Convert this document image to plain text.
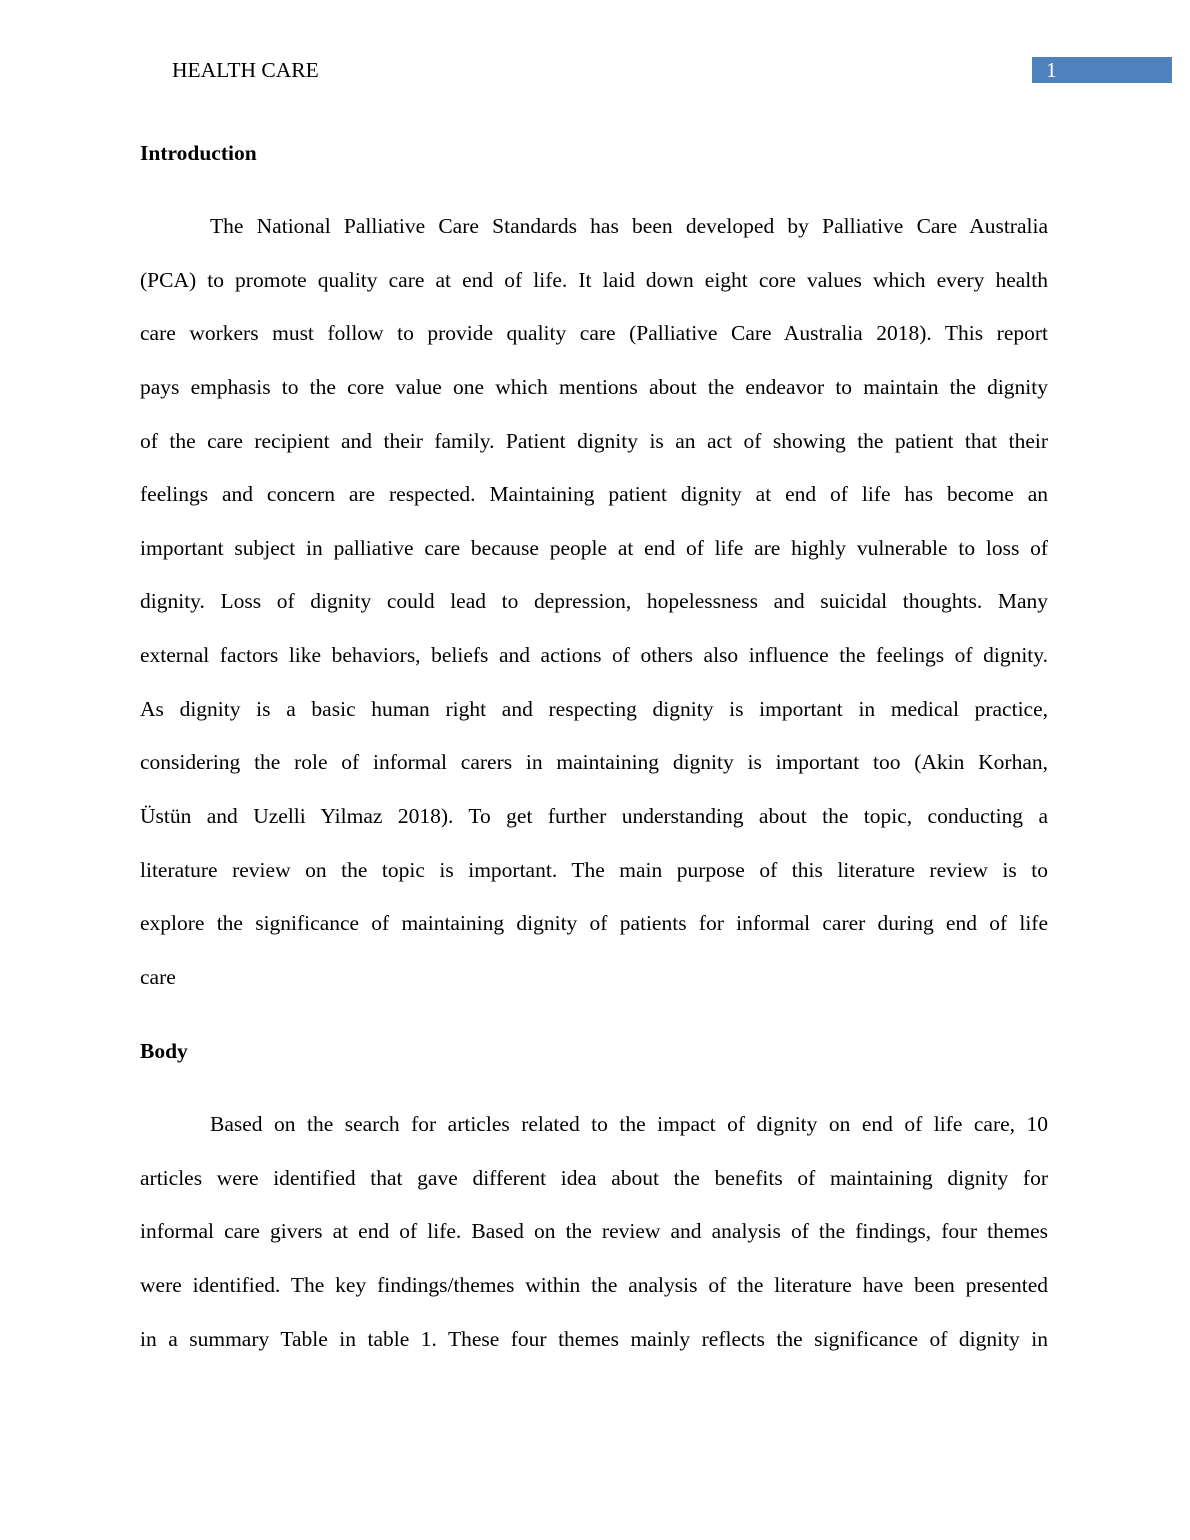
HEALTH CARE	1
Introduction
The National Palliative Care Standards has been developed by Palliative Care Australia
(PCA) to promote quality care at end of life. It laid down eight core values which every health
care workers must follow to provide quality care (Palliative Care Australia 2018). This report
pays emphasis to the core value one which mentions about the endeavor to maintain the dignity
of the care recipient and their family. Patient dignity is an act of showing the patient that their
feelings and concern are respected. Maintaining patient dignity at end of life has become an
important subject in palliative care because people at end of life are highly vulnerable to loss of
dignity. Loss of dignity could lead to depression, hopelessness and suicidal thoughts. Many
external factors like behaviors, beliefs and actions of others also influence the feelings of dignity.
As dignity is a basic human right and respecting dignity is important in medical practice,
considering the role of informal carers in maintaining dignity is important too (Akin Korhan,
Üstün and Uzelli Yilmaz 2018). To get further understanding about the topic, conducting a
literature review on the topic is important. The main purpose of this literature review is to
explore the significance of maintaining dignity of patients for informal carer during end of life
care
Body
Based on the search for articles related to the impact of dignity on end of life care, 10
articles were identified that gave different idea about the benefits of maintaining dignity for
informal care givers at end of life. Based on the review and analysis of the findings, four themes
were identified. The key findings/themes within the analysis of the literature have been presented
in a summary Table in table 1. These four themes mainly reflects the significance of dignity in
